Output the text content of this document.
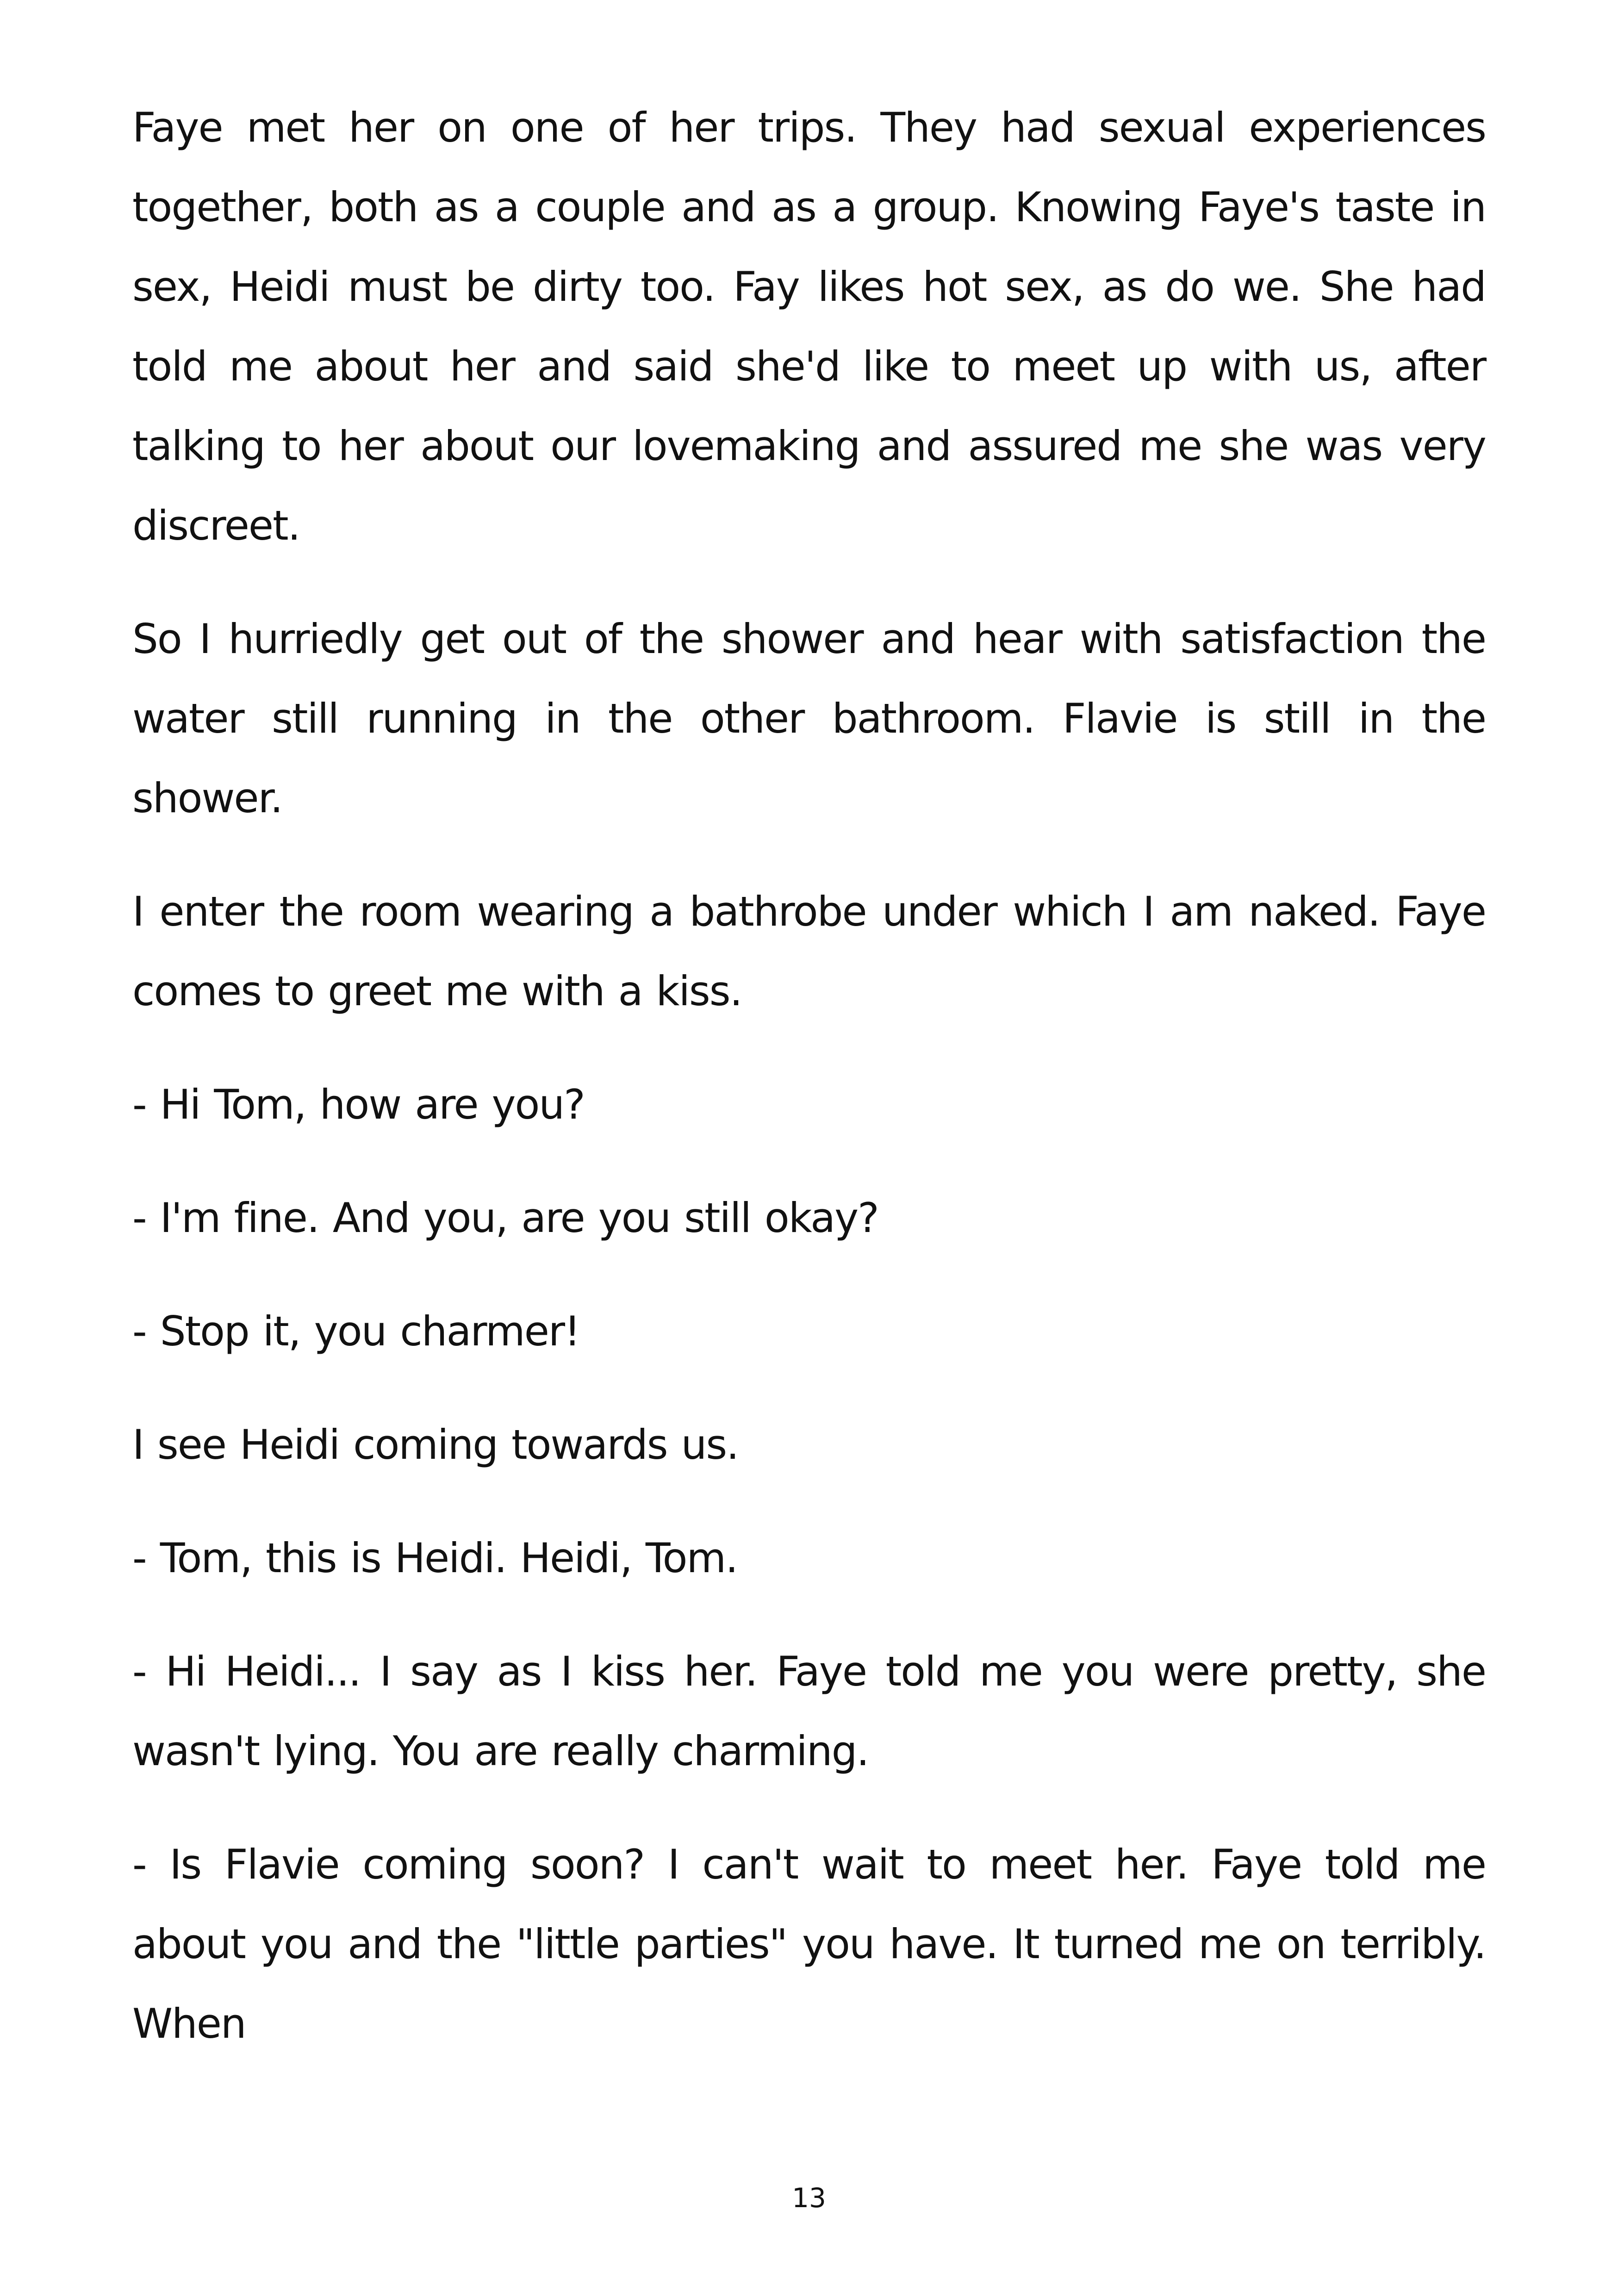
Faye met her on one of her trips. They had sexual experiences together, both as a couple and as a group. Knowing Faye's taste in sex, Heidi must be dirty too. Fay likes hot sex, as do we. She had told me about her and said she'd like to meet up with us, after talking to her about our lovemaking and assured me she was very discreet.

So I hurriedly get out of the shower and hear with satisfaction the water still running in the other bathroom. Flavie is still in the shower.

I enter the room wearing a bathrobe under which I am naked. Faye comes to greet me with a kiss.

- Hi Tom, how are you?

- I'm fine. And you, are you still okay?

- Stop it, you charmer!

I see Heidi coming towards us.

- Tom, this is Heidi. Heidi, Tom.

- Hi Heidi... I say as I kiss her. Faye told me you were pretty, she wasn't lying. You are really charming.

- Is Flavie coming soon? I can't wait to meet her. Faye told me about you and the "little parties" you have. It turned me on terribly. When

13
